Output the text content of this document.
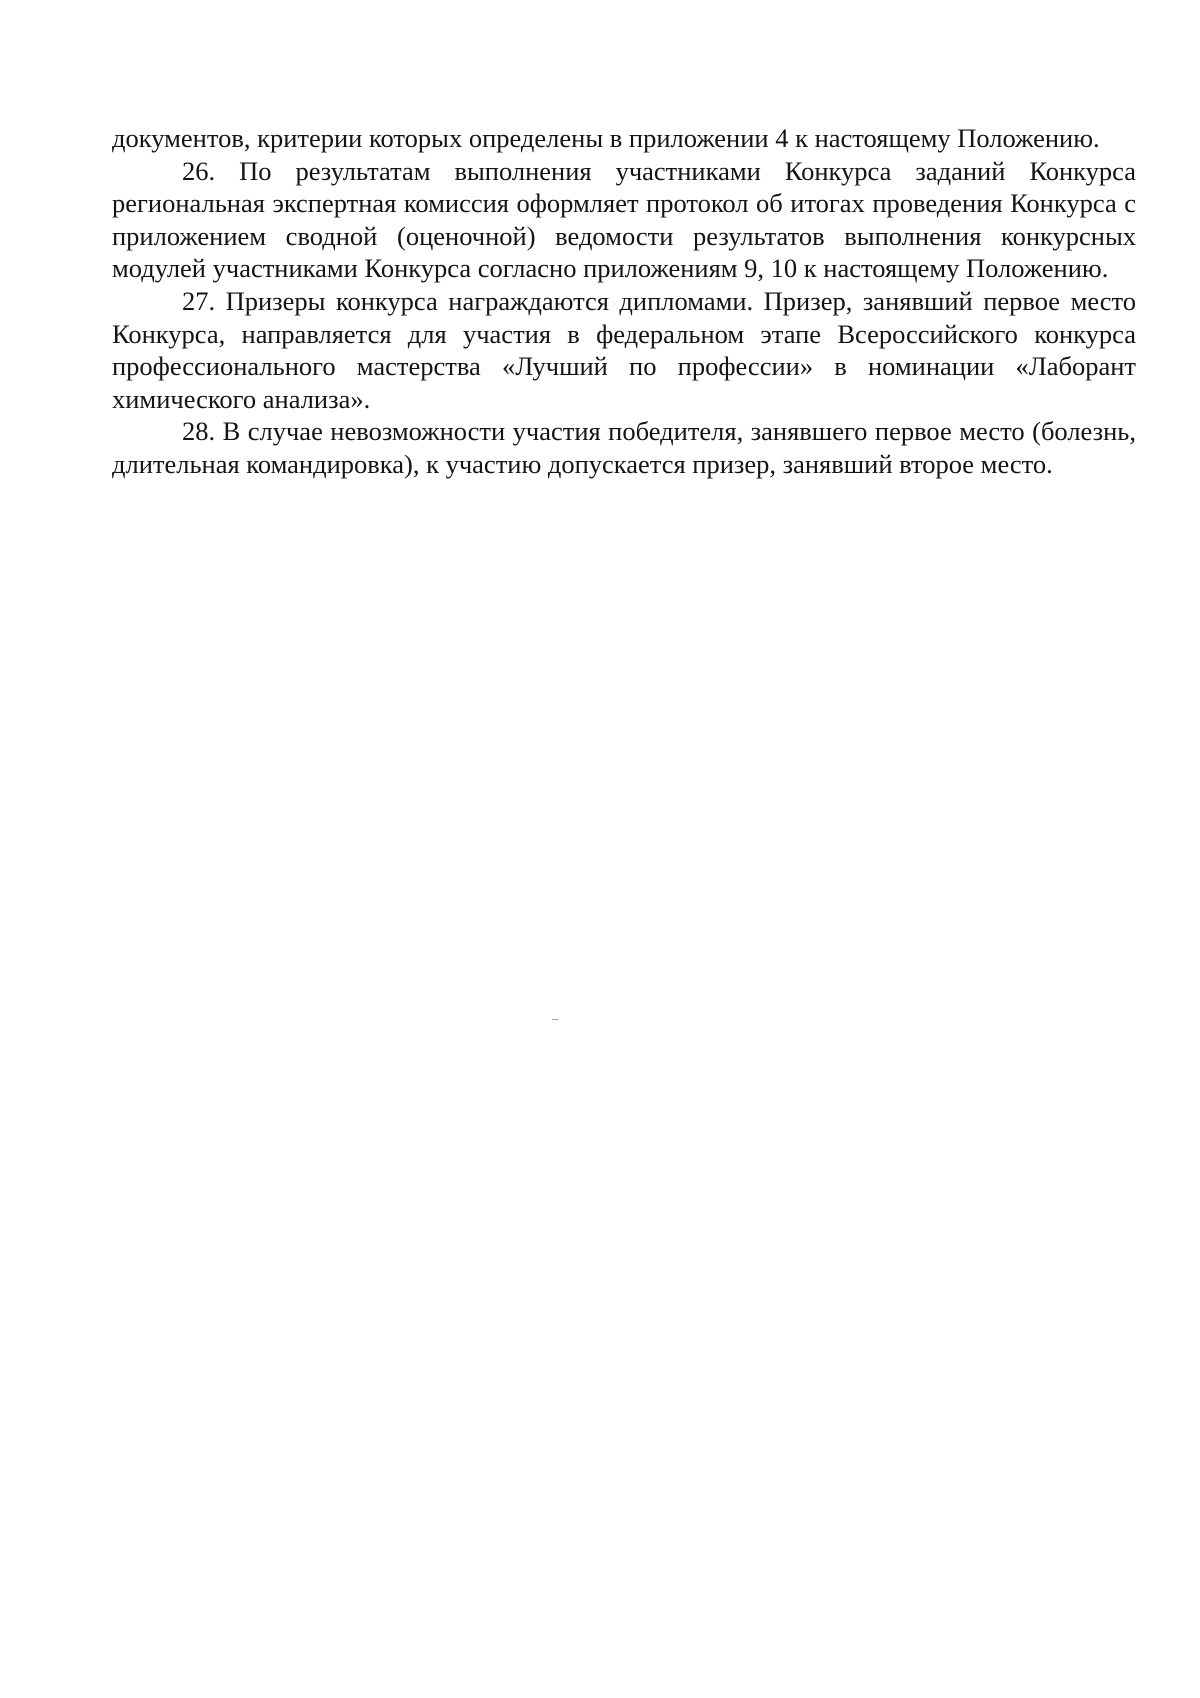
документов, критерии которых определены в приложении 4 к настоящему Положению.

26. По результатам выполнения участниками Конкурса заданий Конкурса региональная экспертная комиссия оформляет протокол об итогах проведения Конкурса с приложением сводной (оценочной) ведомости результатов выполнения конкурсных модулей участниками Конкурса согласно приложениям 9, 10 к настоящему Положению.

27. Призеры конкурса награждаются дипломами. Призер, занявший первое место Конкурса, направляется для участия в федеральном этапе Всероссийского конкурса профессионального мастерства «Лучший по профессии» в номинации «Лаборант химического анализа».

28. В случае невозможности участия победителя, занявшего первое место (болезнь, длительная командировка), к участию допускается призер, занявший второе место.
